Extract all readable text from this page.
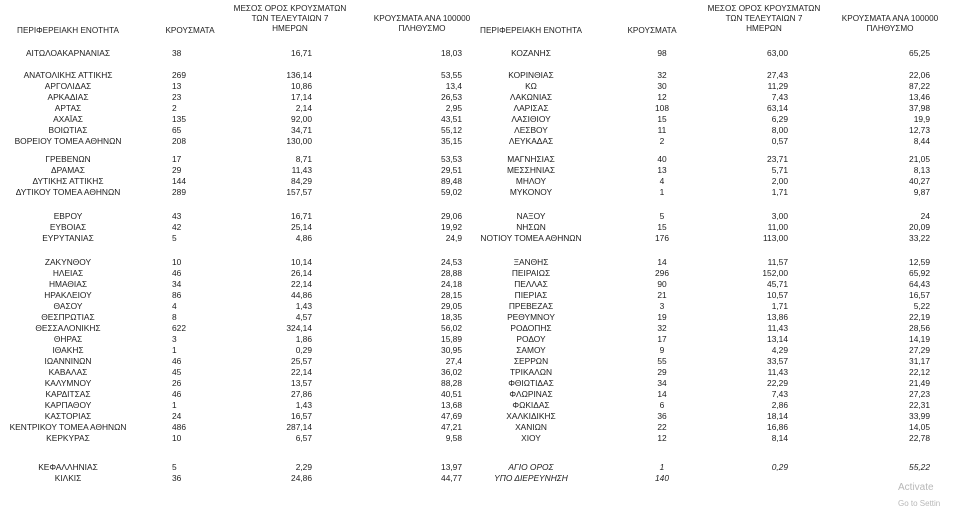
ΠΕΡΙΦΕΡΕΙΑΚΗ ΕΝΟΤΗΤΑ	ΚΡΟΥΣΜΑΤΑ
ΜΕΣΟΣ ΟΡΟΣ ΚΡΟΥΣΜΑΤΩΝ
ΤΩΝ ΤΕΛΕΥΤΑΙΩΝ 7
ΗΜΕΡΩΝ
ΚΡΟΥΣΜΑΤΑ ΑΝΑ 100000
ΠΛΗΘΥΣΜΟ	ΠΕΡΙΦΕΡΕΙΑΚΗ ΕΝΟΤΗΤΑ	ΚΡΟΥΣΜΑΤΑ
ΜΕΣΟΣ ΟΡΟΣ ΚΡΟΥΣΜΑΤΩΝ
ΤΩΝ ΤΕΛΕΥΤΑΙΩΝ 7
ΗΜΕΡΩΝ
ΚΡΟΥΣΜΑΤΑ ΑΝΑ 100000
ΠΛΗΘΥΣΜΟ
ΑΙΤΩΛΟΑΚΑΡΝΑΝΙΑΣ	38	16,71	18,03
ΑΝΑΤΟΛΙΚΗΣ ΑΤΤΙΚΗΣ	269	136,14	53,55
ΑΡΓΟΛΙΔΑΣ	13	10,86	13,4
ΑΡΚΑΔΙΑΣ	23	17,14	26,53
ΑΡΤΑΣ	2	2,14	2,95
ΑΧΑΪΑΣ	135	92,00	43,51
ΒΟΙΩΤΙΑΣ	65	34,71	55,12
ΒΟΡΕΙΟΥ ΤΟΜΕΑ ΑΘΗΝΩΝ	208	130,00	35,15
ΓΡΕΒΕΝΩΝ	17	8,71	53,53
ΔΡΑΜΑΣ	29	11,43	29,51
ΔΥΤΙΚΗΣ ΑΤΤΙΚΗΣ	144	84,29	89,48
ΔΥΤΙΚΟΥ ΤΟΜΕΑ ΑΘΗΝΩΝ	289	157,57	59,02
ΕΒΡΟΥ	43	16,71	29,06
ΕΥΒΟΙΑΣ	42	25,14	19,92
ΕΥΡΥΤΑΝΙΑΣ	5	4,86	24,9
ΖΑΚΥΝΘΟΥ	10	10,14	24,53
ΗΛΕΙΑΣ	46	26,14	28,88
ΗΜΑΘΙΑΣ	34	22,14	24,18
ΗΡΑΚΛΕΙΟΥ	86	44,86	28,15
ΘΑΣΟΥ	4	1,43	29,05
ΘΕΣΠΡΩΤΙΑΣ	8	4,57	18,35
ΘΕΣΣΑΛΟΝΙΚΗΣ	622	324,14	56,02
ΘΗΡΑΣ	3	1,86	15,89
ΙΘΑΚΗΣ	1	0,29	30,95
ΙΩΑΝΝΙΝΩΝ	46	25,57	27,4
ΚΑΒΑΛΑΣ	45	22,14	36,02
ΚΑΛΥΜΝΟΥ	26	13,57	88,28
ΚΑΡΔΙΤΣΑΣ	46	27,86	40,51
ΚΑΡΠΑΘΟΥ	1	1,43	13,68
ΚΑΣΤΟΡΙΑΣ	24	16,57	47,69
ΚΕΝΤΡΙΚΟΥ ΤΟΜΕΑ ΑΘΗΝΩΝ	486	287,14	47,21
ΚΕΡΚΥΡΑΣ	10	6,57	9,58
ΚΕΦΑΛΛΗΝΙΑΣ	5	2,29	13,97
ΚΙΛΚΙΣ	36	24,86	44,77
ΚΟΖΑΝΗΣ	98	63,00	65,25
ΚΟΡΙΝΘΙΑΣ	32	27,43	22,06
ΚΩ	30	11,29	87,22
ΛΑΚΩΝΙΑΣ	12	7,43	13,46
ΛΑΡΙΣΑΣ	108	63,14	37,98
ΛΑΣΙΘΙΟΥ	15	6,29	19,9
ΛΕΣΒΟΥ	11	8,00	12,73
ΛΕΥΚΑΔΑΣ	2	0,57	8,44
ΜΑΓΝΗΣΙΑΣ	40	23,71	21,05
ΜΕΣΣΗΝΙΑΣ	13	5,71	8,13
ΜΗΛΟΥ	4	2,00	40,27
ΜΥΚΟΝΟΥ	1	1,71	9,87
ΝΑΞΟΥ	5	3,00	24
ΝΗΣΩΝ	15	11,00	20,09
ΝΟΤΙΟΥ ΤΟΜΕΑ ΑΘΗΝΩΝ	176	113,00	33,22
ΞΑΝΘΗΣ	14	11,57	12,59
ΠΕΙΡΑΙΩΣ	296	152,00	65,92
ΠΕΛΛΑΣ	90	45,71	64,43
ΠΙΕΡΙΑΣ	21	10,57	16,57
ΠΡΕΒΕΖΑΣ	3	1,71	5,22
ΡΕΘΥΜΝΟΥ	19	13,86	22,19
ΡΟΔΟΠΗΣ	32	11,43	28,56
ΡΟΔΟΥ	17	13,14	14,19
ΣΑΜΟΥ	9	4,29	27,29
ΣΕΡΡΩΝ	55	33,57	31,17
ΤΡΙΚΑΛΩΝ	29	11,43	22,12
ΦΘΙΩΤΙΔΑΣ	34	22,29	21,49
ΦΛΩΡΙΝΑΣ	14	7,43	27,23
ΦΩΚΙΔΑΣ	6	2,86	22,31
ΧΑΛΚΙΔΙΚΗΣ	36	18,14	33,99
ΧΑΝΙΩΝ	22	16,86	14,05
ΧΙΟΥ	12	8,14	22,78
ΑΓΙΟ ΟΡΟΣ	1	0,29	55,22
ΥΠΟ ΔΙΕΡΕΥΝΗΣΗ	140
Activate
Go to Settin
